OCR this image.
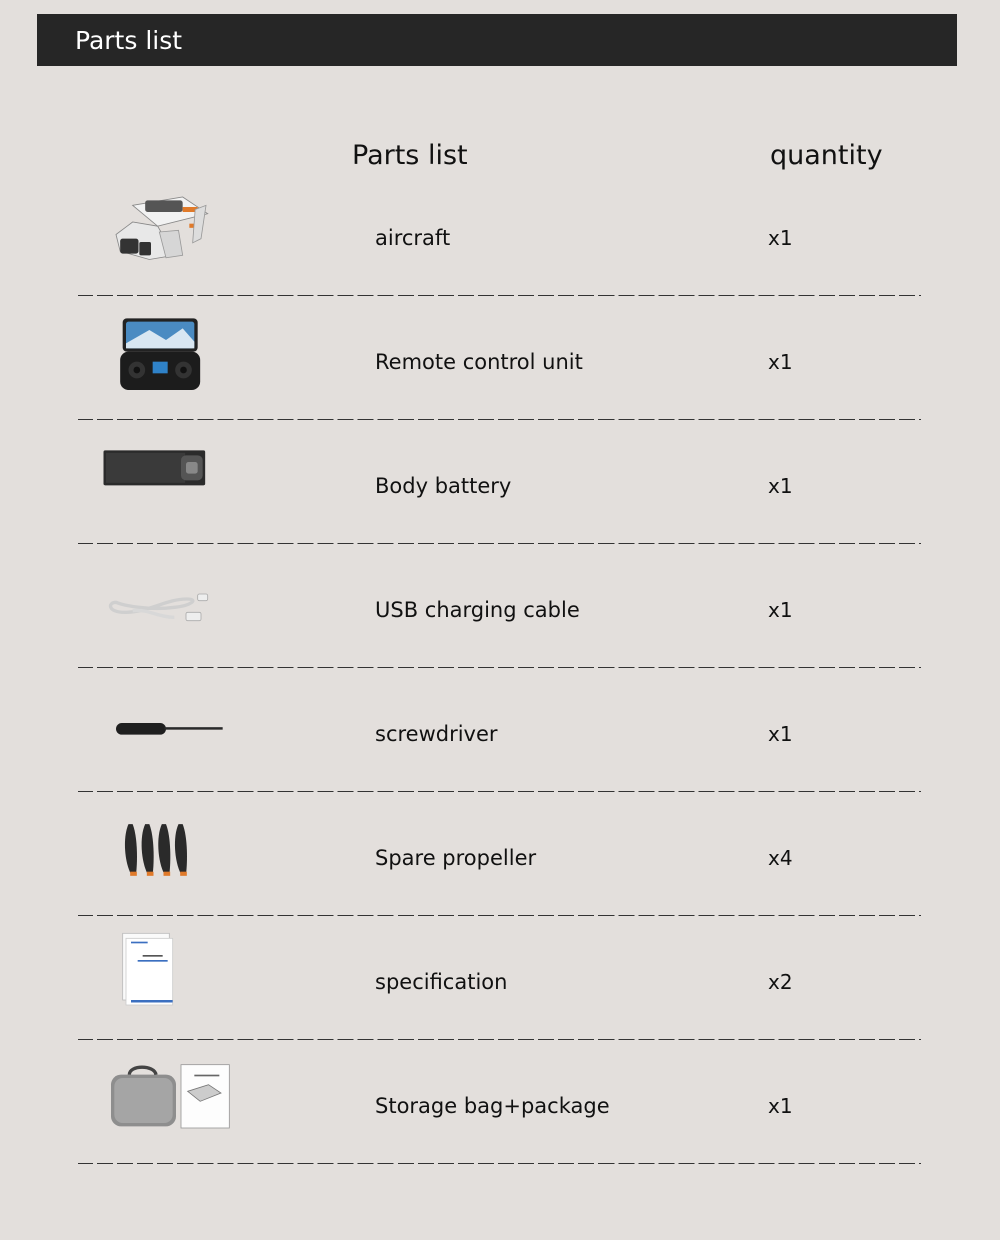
Parts list
Parts list	quantity
aircraft	x1
Remote control unit	x1
Body battery	x1
USB charging cable	x1
screwdriver	x1
Spare propeller	x4
specification	x2
Storage bag+package	x1
